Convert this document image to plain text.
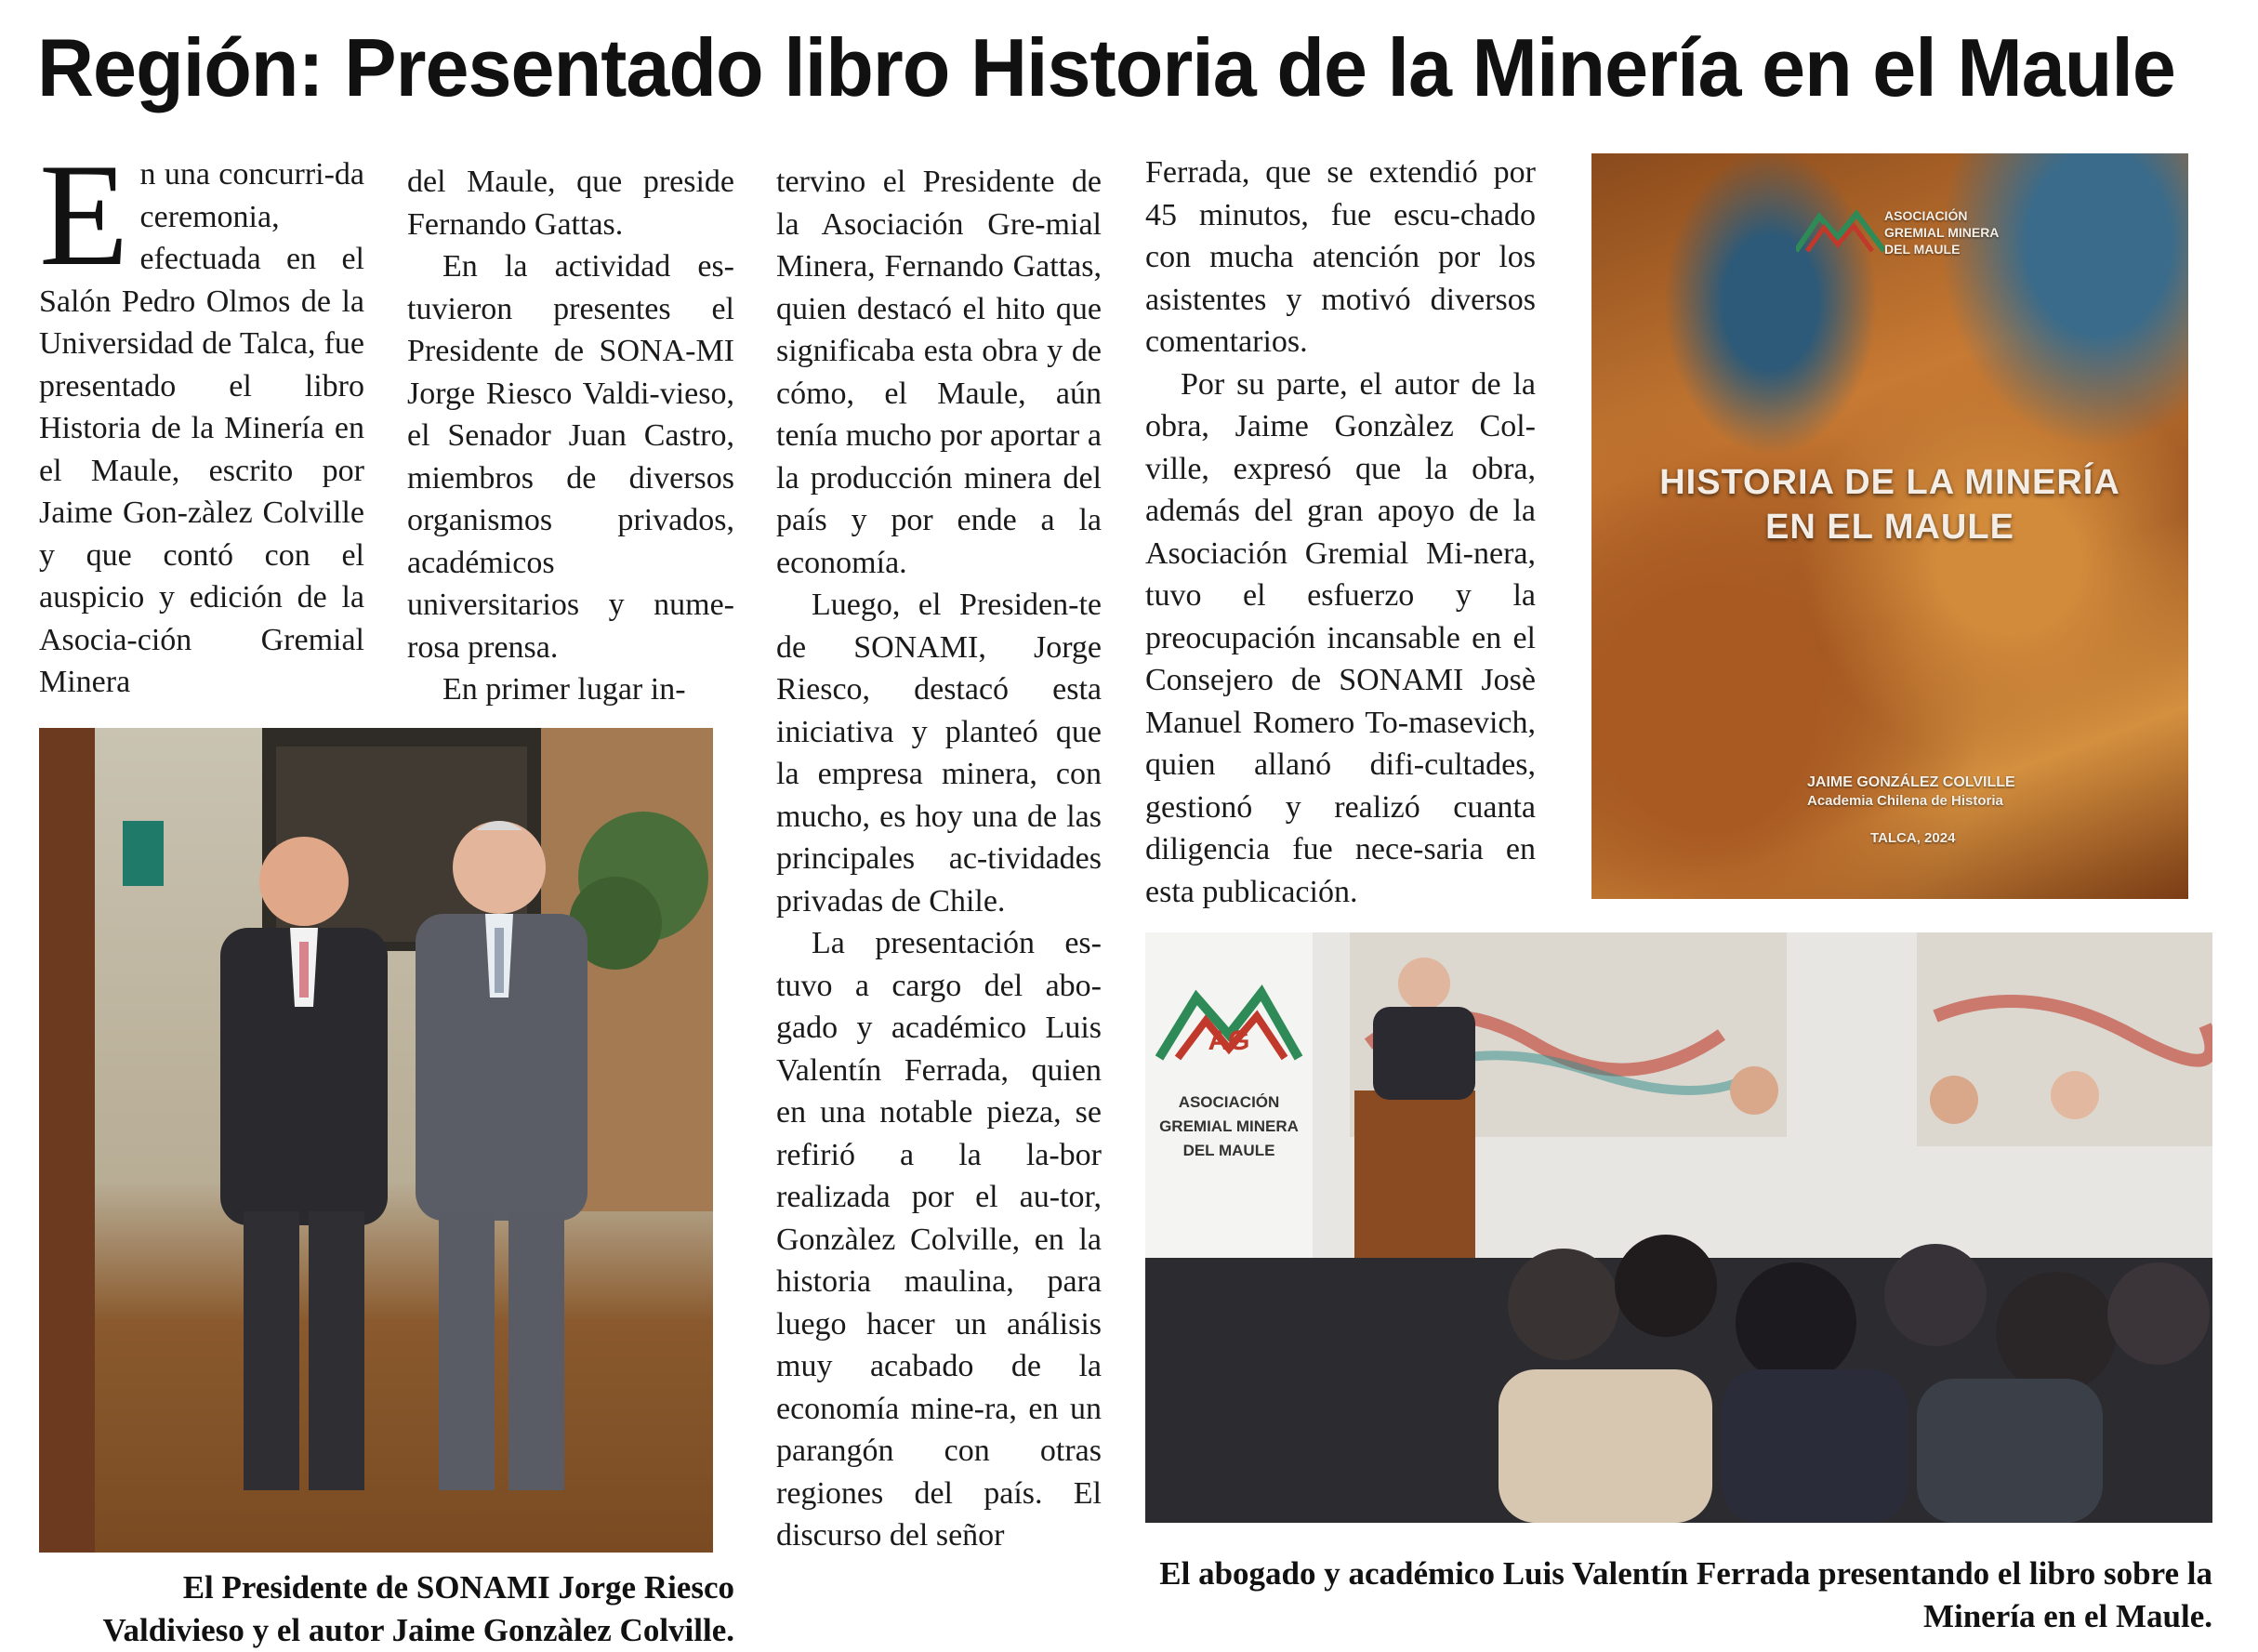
Región: Presentado libro Historia de la Minería en el Maule
E n una concurri-da ceremonia, efectuada en el Salón Pedro Olmos de la Universidad de Talca, fue presentado el libro Historia de la Minería en el Maule, escrito por Jaime Gon-zàlez Colville y que contó con el auspicio y edición de la Asocia-ción Gremial Minera

del Maule, que preside Fernando Gattas.

En la actividad es-tuvieron presentes el Presidente de SONA-MI Jorge Riesco Valdi-vieso, el Senador Juan Castro, miembros de diversos organismos privados, académicos universitarios y nume-rosa prensa.

En primer lugar in-

tervino el Presidente de la Asociación Gre-mial Minera, Fernando Gattas, quien destacó el hito que significaba esta obra y de cómo, el Maule, aún tenía mucho por aportar a la producción minera del país y por ende a la economía.

Luego, el Presiden-te de SONAMI, Jorge Riesco, destacó esta iniciativa y planteó que la empresa minera, con mucho, es hoy una de las principales ac-tividades privadas de Chile.

La presentación es-tuvo a cargo del abo-gado y académico Luis Valentín Ferrada, quien en una notable pieza, se refirió a la la-bor realizada por el au-tor, Gonzàlez Colville, en la historia maulina, para luego hacer un análisis muy acabado de la economía mine-ra, en un parangón con otras regiones del país. El discurso del señor

Ferrada, que se extendió por 45 minutos, fue escu-chado con mucha atención por los asistentes y motivó diversos comentarios.

Por su parte, el autor de la obra, Jaime Gonzàlez Col-ville, expresó que la obra, además del gran apoyo de la Asociación Gremial Mi-nera, tuvo el esfuerzo y la preocupación incansable en el Consejero de SONAMI Josè Manuel Romero To-masevich, quien allanó difi-cultades, gestionó y realizó cuanta diligencia fue nece-saria en esta publicación.

ASOCIACIÓN GREMIAL MINERA DEL MAULE
HISTORIA DE LA MINERÍA EN EL MAULE
JAIME GONZÁLEZ COLVILLE
Academia Chilena de Historia
TALCA, 2024
AG
ASOCIACIÓN GREMIAL MINERA DEL MAULE
El Presidente de SONAMI Jorge Riesco Valdivieso y el autor Jaime Gonzàlez Colville.
El abogado y académico Luis Valentín Ferrada presentando el libro sobre la Minería en el Maule.
